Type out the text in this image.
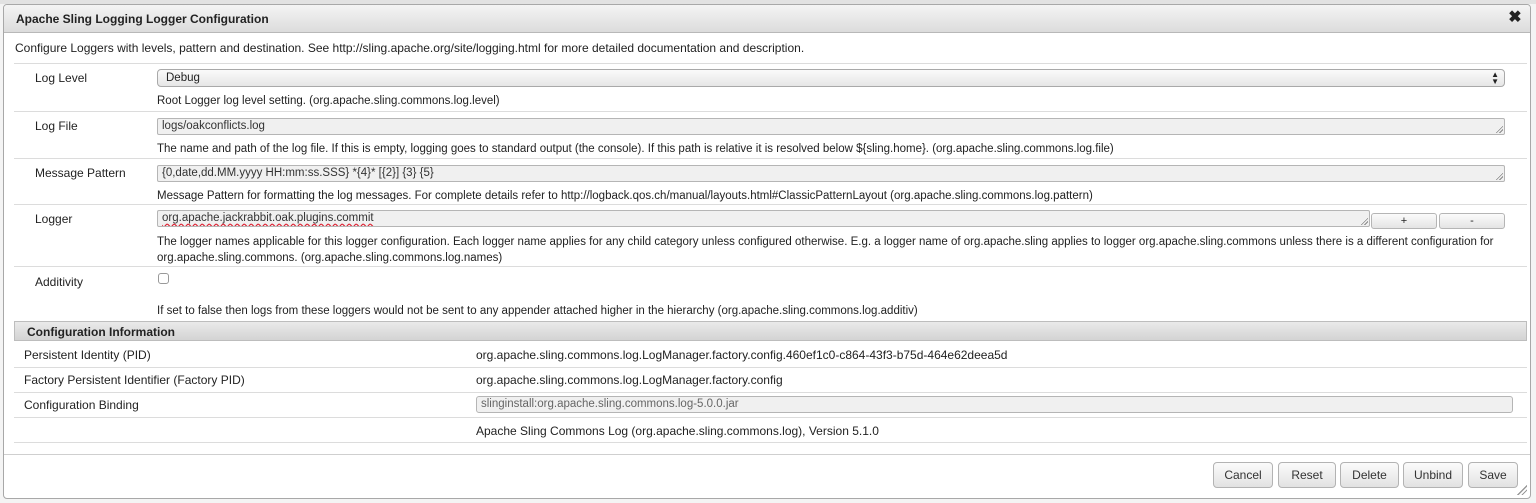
Apache Sling Logging Logger Configuration	✖
Configure Loggers with levels, pattern and destination. See http://sling.apache.org/site/logging.html for more detailed documentation and description.
Log Level	Debug	▲
▼
Root Logger log level setting. (org.apache.sling.commons.log.level)
Log File	logs/oakconflicts.log
The name and path of the log file. If this is empty, logging goes to standard output (the console). If this path is relative it is resolved below ${sling.home}. (org.apache.sling.commons.log.file)
Message Pattern	{0,date,dd.MM.yyyy HH:mm:ss.SSS} *{4}* [{2}] {3} {5}
Message Pattern for formatting the log messages. For complete details refer to http://logback.qos.ch/manual/layouts.html#ClassicPatternLayout (org.apache.sling.commons.log.pattern)
Logger	org.apache.jackrabbit.oak.plugins.commit	+	-
The logger names applicable for this logger configuration. Each logger name applies for any child category unless configured otherwise. E.g. a logger name of org.apache.sling applies to logger org.apache.sling.commons unless there is a different configuration for org.apache.sling.commons. (org.apache.sling.commons.log.names)
Additivity
If set to false then logs from these loggers would not be sent to any appender attached higher in the hierarchy (org.apache.sling.commons.log.additiv)
Configuration Information
Persistent Identity (PID)	org.apache.sling.commons.log.LogManager.factory.config.460ef1c0-c864-43f3-b75d-464e62deea5d
Factory Persistent Identifier (Factory PID)	org.apache.sling.commons.log.LogManager.factory.config
Configuration Binding	slinginstall:org.apache.sling.commons.log-5.0.0.jar
Apache Sling Commons Log (org.apache.sling.commons.log), Version 5.1.0
Cancel	Reset	Delete	Unbind	Save
